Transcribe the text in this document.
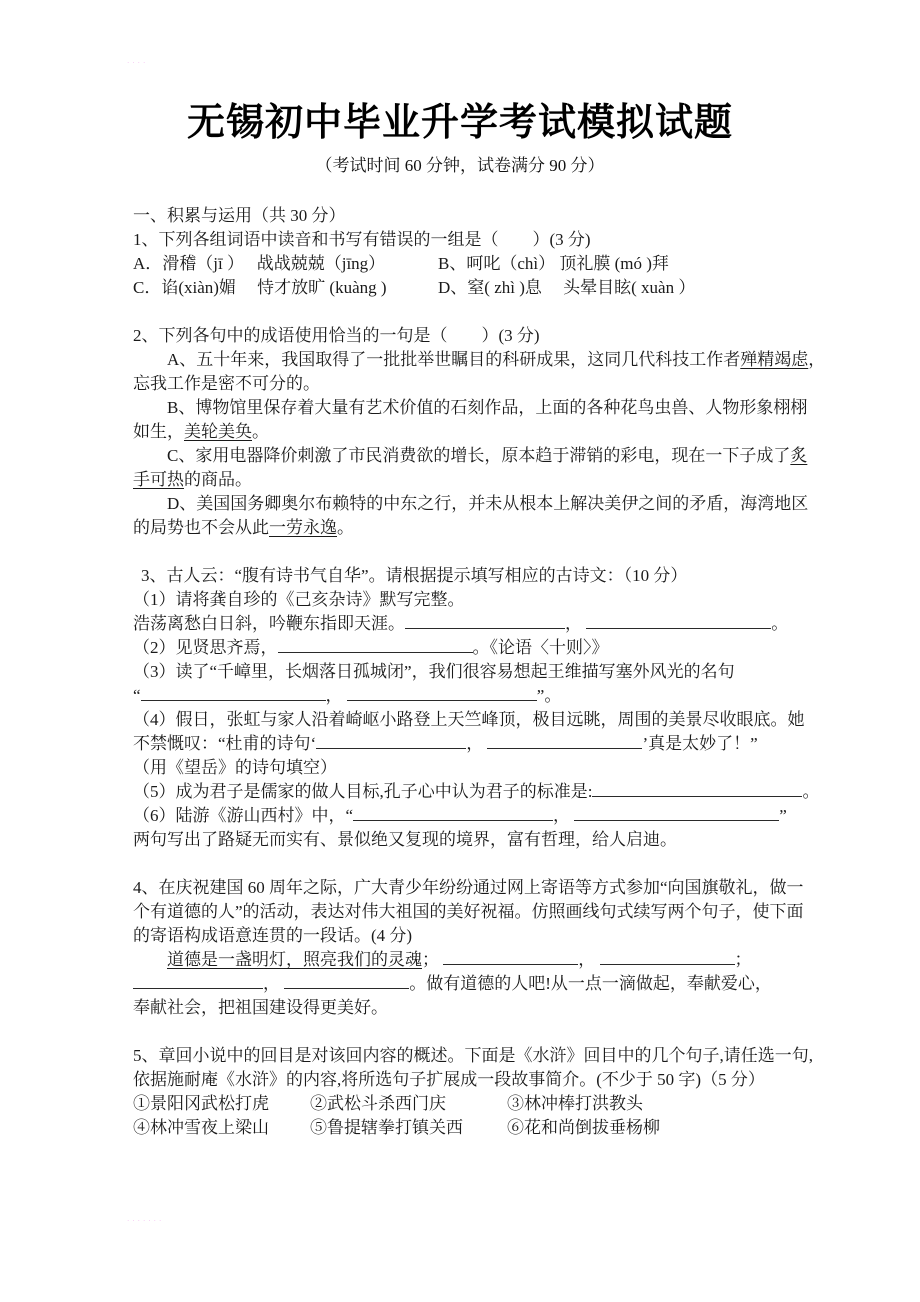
····
无锡初中毕业升学考试模拟试题
（考试时间 60 分钟，试卷满分 90 分）
一、积累与运用（共 30 分）
1、下列各组词语中读音和书写有错误的一组是（　　）(3 分)
A．滑稽（jī ）　 战战兢兢（jīng）	B、呵叱（chì） 顶礼膜 (mó )拜
C．谄(xiàn)媚　 恃才放旷 (kuàng )	D、窒( zhì )息　 头晕目眩( xuàn ）
2、下列各句中的成语使用恰当的一句是（　　）(3 分)
A、五十年来，我国取得了一批批举世瞩目的科研成果，这同几代科技工作者殚精竭虑，
忘我工作是密不可分的。
B、博物馆里保存着大量有艺术价值的石刻作品，上面的各种花鸟虫兽、人物形象栩栩
如生，美轮美奂。
C、家用电器降价刺激了市民消费欲的增长，原本趋于滞销的彩电，现在一下子成了炙
手可热的商品。
D、美国国务卿奥尔布赖特的中东之行，并未从根本上解决美伊之间的矛盾，海湾地区
的局势也不会从此一劳永逸。
3、古人云：“腹有诗书气自华”。请根据提示填写相应的古诗文：（10 分）
（1）请将龚自珍的《己亥杂诗》默写完整。
浩荡离愁白日斜，吟鞭东指即天涯。	，	。
（2）见贤思齐焉，	。《论语〈十则〉》
（3）读了“千嶂里，长烟落日孤城闭”，我们很容易想起王维描写塞外风光的名句
“	，	”。
（4）假日，张虹与家人沿着崎岖小路登上天竺峰顶，极目远眺，周围的美景尽收眼底。她
不禁慨叹：“杜甫的诗句‘	，	’真是太妙了！”
（用《望岳》的诗句填空）
（5）成为君子是儒家的做人目标,孔子心中认为君子的标准是:	。
（6）陆游《游山西村》中，“	，	”
两句写出了路疑无而实有、景似绝又复现的境界，富有哲理，给人启迪。
4、在庆祝建国 60 周年之际，广大青少年纷纷通过网上寄语等方式参加“向国旗敬礼，做一
个有道德的人”的活动，表达对伟大祖国的美好祝福。仿照画线句式续写两个句子，使下面
的寄语构成语意连贯的一段话。(4 分)
道德是一盏明灯，照亮我们的灵魂；	，	；
，	。做有道德的人吧!从一点一滴做起，奉献爱心，
奉献社会，把祖国建设得更美好。
5、章回小说中的回目是对该回内容的概述。下面是《水浒》回目中的几个句子,请任选一句,
依据施耐庵《水浒》的内容,将所选句子扩展成一段故事简介。(不少于 50 字)（5 分）
①景阳冈武松打虎 ②武松斗杀西门庆	③林冲棒打洪教头
④林冲雪夜上梁山 ⑤鲁提辖拳打镇关西	⑥花和尚倒拔垂杨柳
·······
